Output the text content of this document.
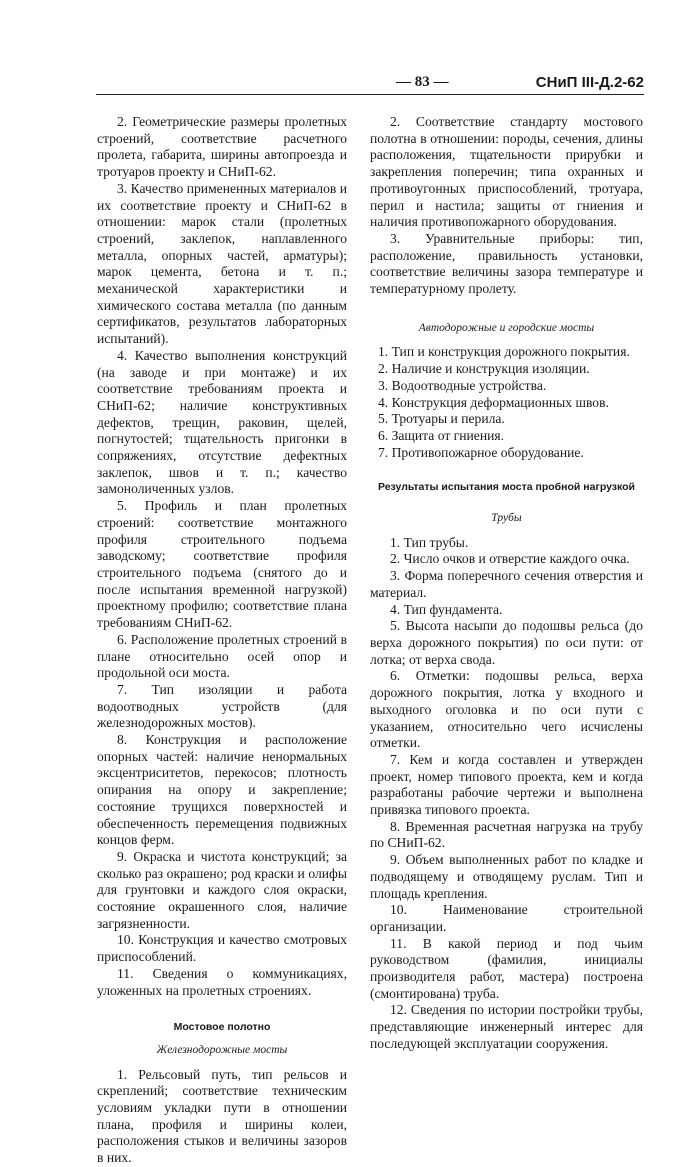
— 83 —	СНиП III-Д.2-62

2. Геометрические размеры пролетных строений, соответствие расчетного пролета, габарита, ширины автопроезда и тротуаров проекту и СНиП-62.

3. Качество примененных материалов и их соответствие проекту и СНиП-62 в отношении: марок стали (пролетных строений, заклепок, наплавленного металла, опорных частей, арматуры); марок цемента, бетона и т. п.; механической характеристики и химического состава металла (по данным сертификатов, результатов лабораторных испытаний).

4. Качество выполнения конструкций (на заводе и при монтаже) и их соответствие требованиям проекта и СНиП-62; наличие конструктивных дефектов, трещин, раковин, щелей, погнутостей; тщательность пригонки в сопряжениях, отсутствие дефектных заклепок, швов и т. п.; качество замоноличенных узлов.

5. Профиль и план пролетных строений: соответствие монтажного профиля строительного подъема заводскому; соответствие профиля строительного подъема (снятого до и после испытания временной нагрузкой) проектному профилю; соответствие плана требованиям СНиП-62.

6. Расположение пролетных строений в плане относительно осей опор и продольной оси моста.

7. Тип изоляции и работа водоотводных устройств (для железнодорожных мостов).

8. Конструкция и расположение опорных частей: наличие ненормальных эксцентриситетов, перекосов; плотность опирания на опору и закрепление; состояние трущихся поверхностей и обеспеченность перемещения подвижных концов ферм.

9. Окраска и чистота конструкций; за сколько раз окрашено; род краски и олифы для грунтовки и каждого слоя окраски, состояние окрашенного слоя, наличие загрязненности.

10. Конструкция и качество смотровых приспособлений.

11. Сведения о коммуникациях, уложенных на пролетных строениях.

Мостовое полотно

Железнодорожные мосты

1. Рельсовый путь, тип рельсов и скреплений; соответствие техническим условиям укладки пути в отношении плана, профиля и ширины колеи, расположения стыков и величины зазоров в них.

2. Соответствие стандарту мостового полотна в отношении: породы, сечения, длины расположения, тщательности прирубки и закрепления поперечин; типа охранных и противоугонных приспособлений, тротуара, перил и настила; защиты от гниения и наличия противопожарного оборудования.

3. Уравнительные приборы: тип, расположение, правильность установки, соответствие величины зазора температуре и температурному пролету.

Автодорожные и городские мосты

1. Тип и конструкция дорожного покрытия.

2. Наличие и конструкция изоляции.

3. Водоотводные устройства.

4. Конструкция деформационных швов.

5. Тротуары и перила.

6. Защита от гниения.

7. Противопожарное оборудование.

Результаты испытания моста пробной нагрузкой

Трубы

1. Тип трубы.

2. Число очков и отверстие каждого очка.

3. Форма поперечного сечения отверстия и материал.

4. Тип фундамента.

5. Высота насыпи до подошвы рельса (до верха дорожного покрытия) по оси пути: от лотка; от верха свода.

6. Отметки: подошвы рельса, верха дорожного покрытия, лотка у входного и выходного оголовка и по оси пути с указанием, относительно чего исчислены отметки.

7. Кем и когда составлен и утвержден проект, номер типового проекта, кем и когда разработаны рабочие чертежи и выполнена привязка типового проекта.

8. Временная расчетная нагрузка на трубу по СНиП-62.

9. Объем выполненных работ по кладке и подводящему и отводящему руслам. Тип и площадь крепления.

10. Наименование строительной организации.

11. В какой период и под чьим руководством (фамилия, инициалы производителя работ, мастера) построена (смонтирована) труба.

12. Сведения по истории постройки трубы, представляющие инженерный интерес для последующей эксплуатации сооружения.
